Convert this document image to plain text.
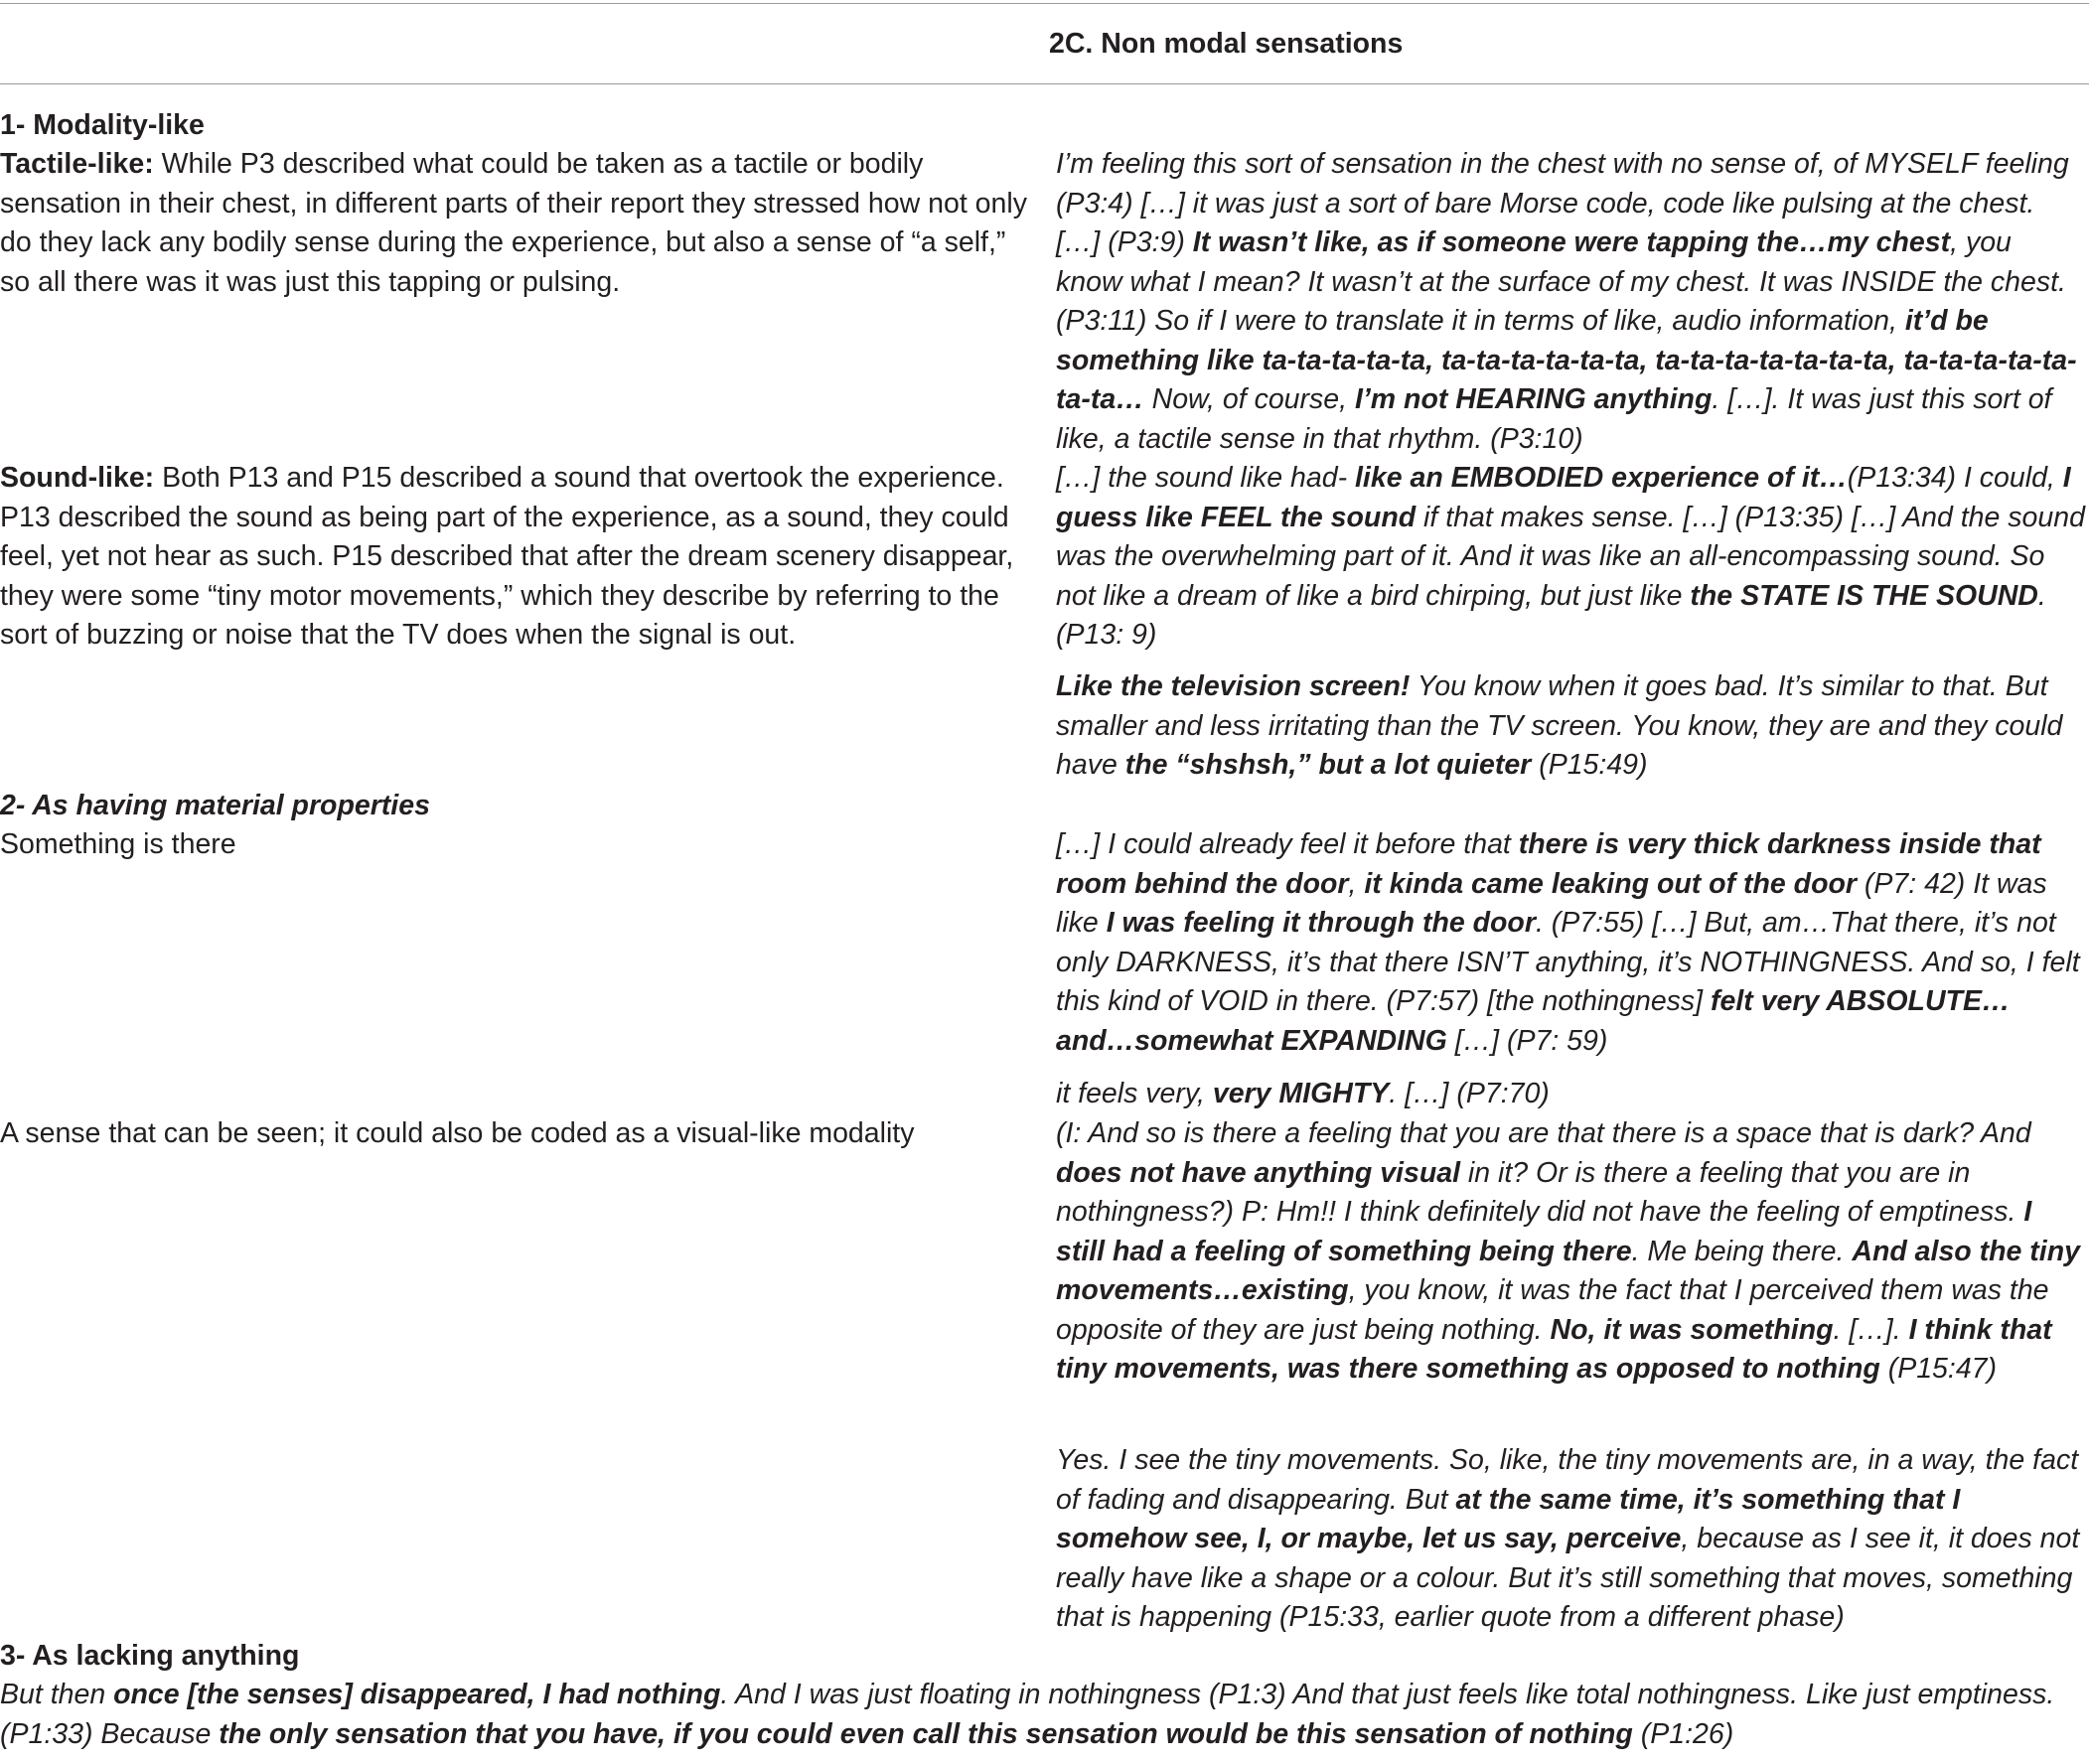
2C. Non modal sensations
1- Modality-like
Tactile-like: While P3 described what could be taken as a tactile or bodily sensation in their chest, in different parts of their report they stressed how not only do they lack any bodily sense during the experience, but also a sense of “a self,” so all there was it was just this tapping or pulsing.
I’m feeling this sort of sensation in the chest with no sense of, of MYSELF feeling (P3:4) […] it was just a sort of bare Morse code, code like pulsing at the chest. […] (P3:9) It wasn’t like, as if someone were tapping the…my chest, you know what I mean? It wasn’t at the surface of my chest. It was INSIDE the chest. (P3:11) So if I were to translate it in terms of like, audio information, it’d be something like ta-ta-ta-ta-ta, ta-ta-ta-ta-ta-ta, ta-ta-ta-ta-ta-ta-ta, ta-ta-ta-ta-ta-ta-ta… Now, of course, I’m not HEARING anything. […]. It was just this sort of like, a tactile sense in that rhythm. (P3:10)
Sound-like: Both P13 and P15 described a sound that overtook the experience. P13 described the sound as being part of the experience, as a sound, they could feel, yet not hear as such. P15 described that after the dream scenery disappear, they were some “tiny motor movements,” which they describe by referring to the sort of buzzing or noise that the TV does when the signal is out.
[…] the sound like had- like an EMBODIED experience of it…(P13:34) I could, I guess like FEEL the sound if that makes sense. […] (P13:35) […] And the sound was the overwhelming part of it. And it was like an all-encompassing sound. So not like a dream of like a bird chirping, but just like the STATE IS THE SOUND. (P13: 9)
Like the television screen! You know when it goes bad. It’s similar to that. But smaller and less irritating than the TV screen. You know, they are and they could have the “shshsh,” but a lot quieter (P15:49)
2- As having material properties
Something is there	[…] I could already feel it before that there is very thick darkness inside that room behind the door, it kinda came leaking out of the door (P7: 42) It was like I was feeling it through the door. (P7:55) […] But, am…That there, it’s not only DARKNESS, it’s that there ISN’T anything, it’s NOTHINGNESS. And so, I felt this kind of VOID in there. (P7:57) [the nothingness] felt very ABSOLUTE…and…somewhat EXPANDING […] (P7: 59)
it feels very, very MIGHTY. […] (P7:70)
A sense that can be seen; it could also be coded as a visual-like modality	(I: And so is there a feeling that you are that there is a space that is dark? And does not have anything visual in it? Or is there a feeling that you are in nothingness?) P: Hm!! I think definitely did not have the feeling of emptiness. I still had a feeling of something being there. Me being there. And also the tiny movements…existing, you know, it was the fact that I perceived them was the opposite of they are just being nothing. No, it was something. […]. I think that tiny movements, was there something as opposed to nothing (P15:47)
Yes. I see the tiny movements. So, like, the tiny movements are, in a way, the fact of fading and disappearing. But at the same time, it’s something that I somehow see, I, or maybe, let us say, perceive, because as I see it, it does not really have like a shape or a colour. But it’s still something that moves, something that is happening (P15:33, earlier quote from a different phase)
3- As lacking anything
But then once [the senses] disappeared, I had nothing. And I was just floating in nothingness (P1:3) And that just feels like total nothingness. Like just emptiness. (P1:33) Because the only sensation that you have, if you could even call this sensation would be this sensation of nothing (P1:26)
